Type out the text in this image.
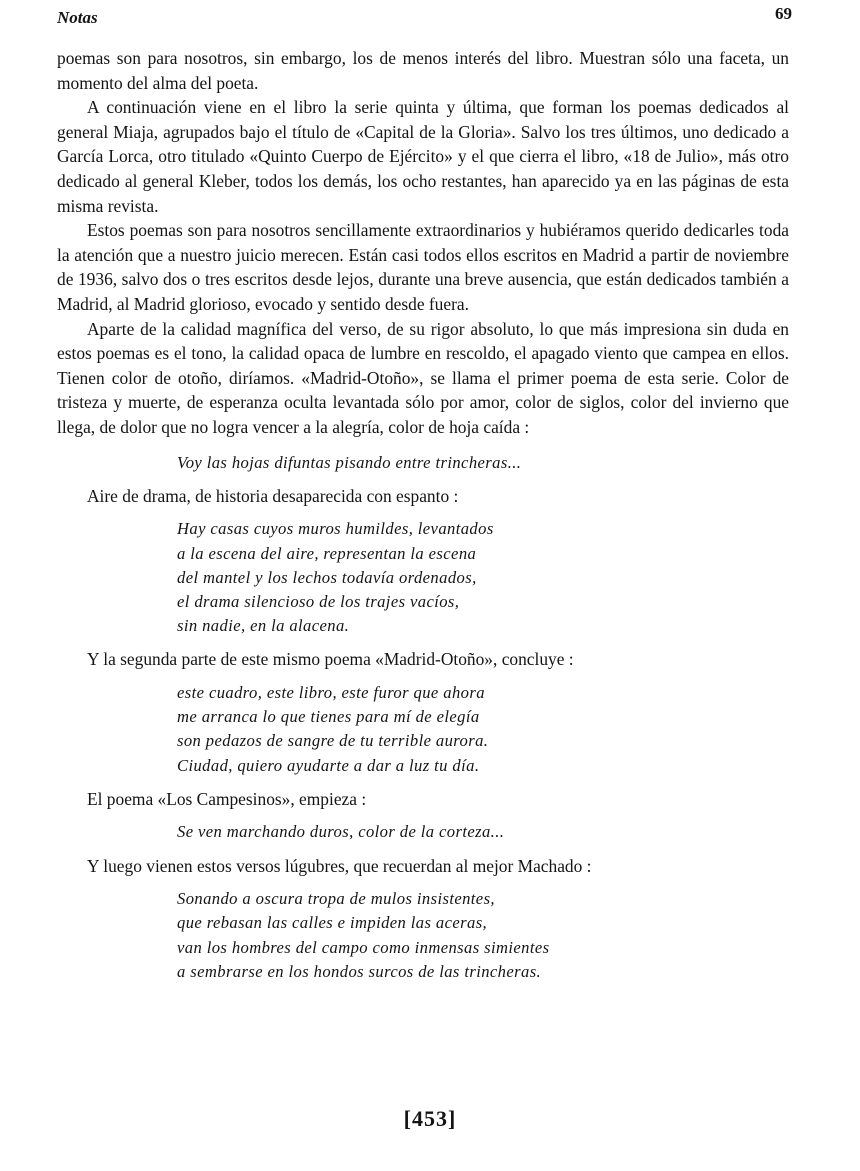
Notas	69

poemas son para nosotros, sin embargo, los de menos interés del libro. Muestran sólo una faceta, un momento del alma del poeta.

A continuación viene en el libro la serie quinta y última, que forman los poemas dedicados al general Miaja, agrupados bajo el título de «Capital de la Gloria». Salvo los tres últimos, uno dedicado a García Lorca, otro titulado «Quinto Cuerpo de Ejército» y el que cierra el libro, «18 de Julio», más otro dedicado al general Kleber, todos los demás, los ocho restantes, han aparecido ya en las páginas de esta misma revista.

Estos poemas son para nosotros sencillamente extraordinarios y hubiéramos querido dedicarles toda la atención que a nuestro juicio merecen. Están casi todos ellos escritos en Madrid a partir de noviembre de 1936, salvo dos o tres escritos desde lejos, durante una breve ausencia, que están dedicados también a Madrid, al Madrid glorioso, evocado y sentido desde fuera.

Aparte de la calidad magnífica del verso, de su rigor absoluto, lo que más impresiona sin duda en estos poemas es el tono, la calidad opaca de lumbre en rescoldo, el apagado viento que campea en ellos. Tienen color de otoño, diríamos. «Madrid-Otoño», se llama el primer poema de esta serie. Color de tristeza y muerte, de esperanza oculta levantada sólo por amor, color de siglos, color del invierno que llega, de dolor que no logra vencer a la alegría, color de hoja caída :

Voy las hojas difuntas pisando entre trincheras...

Aire de drama, de historia desaparecida con espanto :

Hay casas cuyos muros humildes, levantados
a la escena del aire, representan la escena
del mantel y los lechos todavía ordenados,
el drama silencioso de los trajes vacíos,
sin nadie, en la alacena.

Y la segunda parte de este mismo poema «Madrid-Otoño», concluye :

este cuadro, este libro, este furor que ahora
me arranca lo que tienes para mí de elegía
son pedazos de sangre de tu terrible aurora.
Ciudad, quiero ayudarte a dar a luz tu día.

El poema «Los Campesinos», empieza :

Se ven marchando duros, color de la corteza...

Y luego vienen estos versos lúgubres, que recuerdan al mejor Machado :

Sonando a oscura tropa de mulos insistentes,
que rebasan las calles e impiden las aceras,
van los hombres del campo como inmensas simientes
a sembrarse en los hondos surcos de las trincheras.
[453]
